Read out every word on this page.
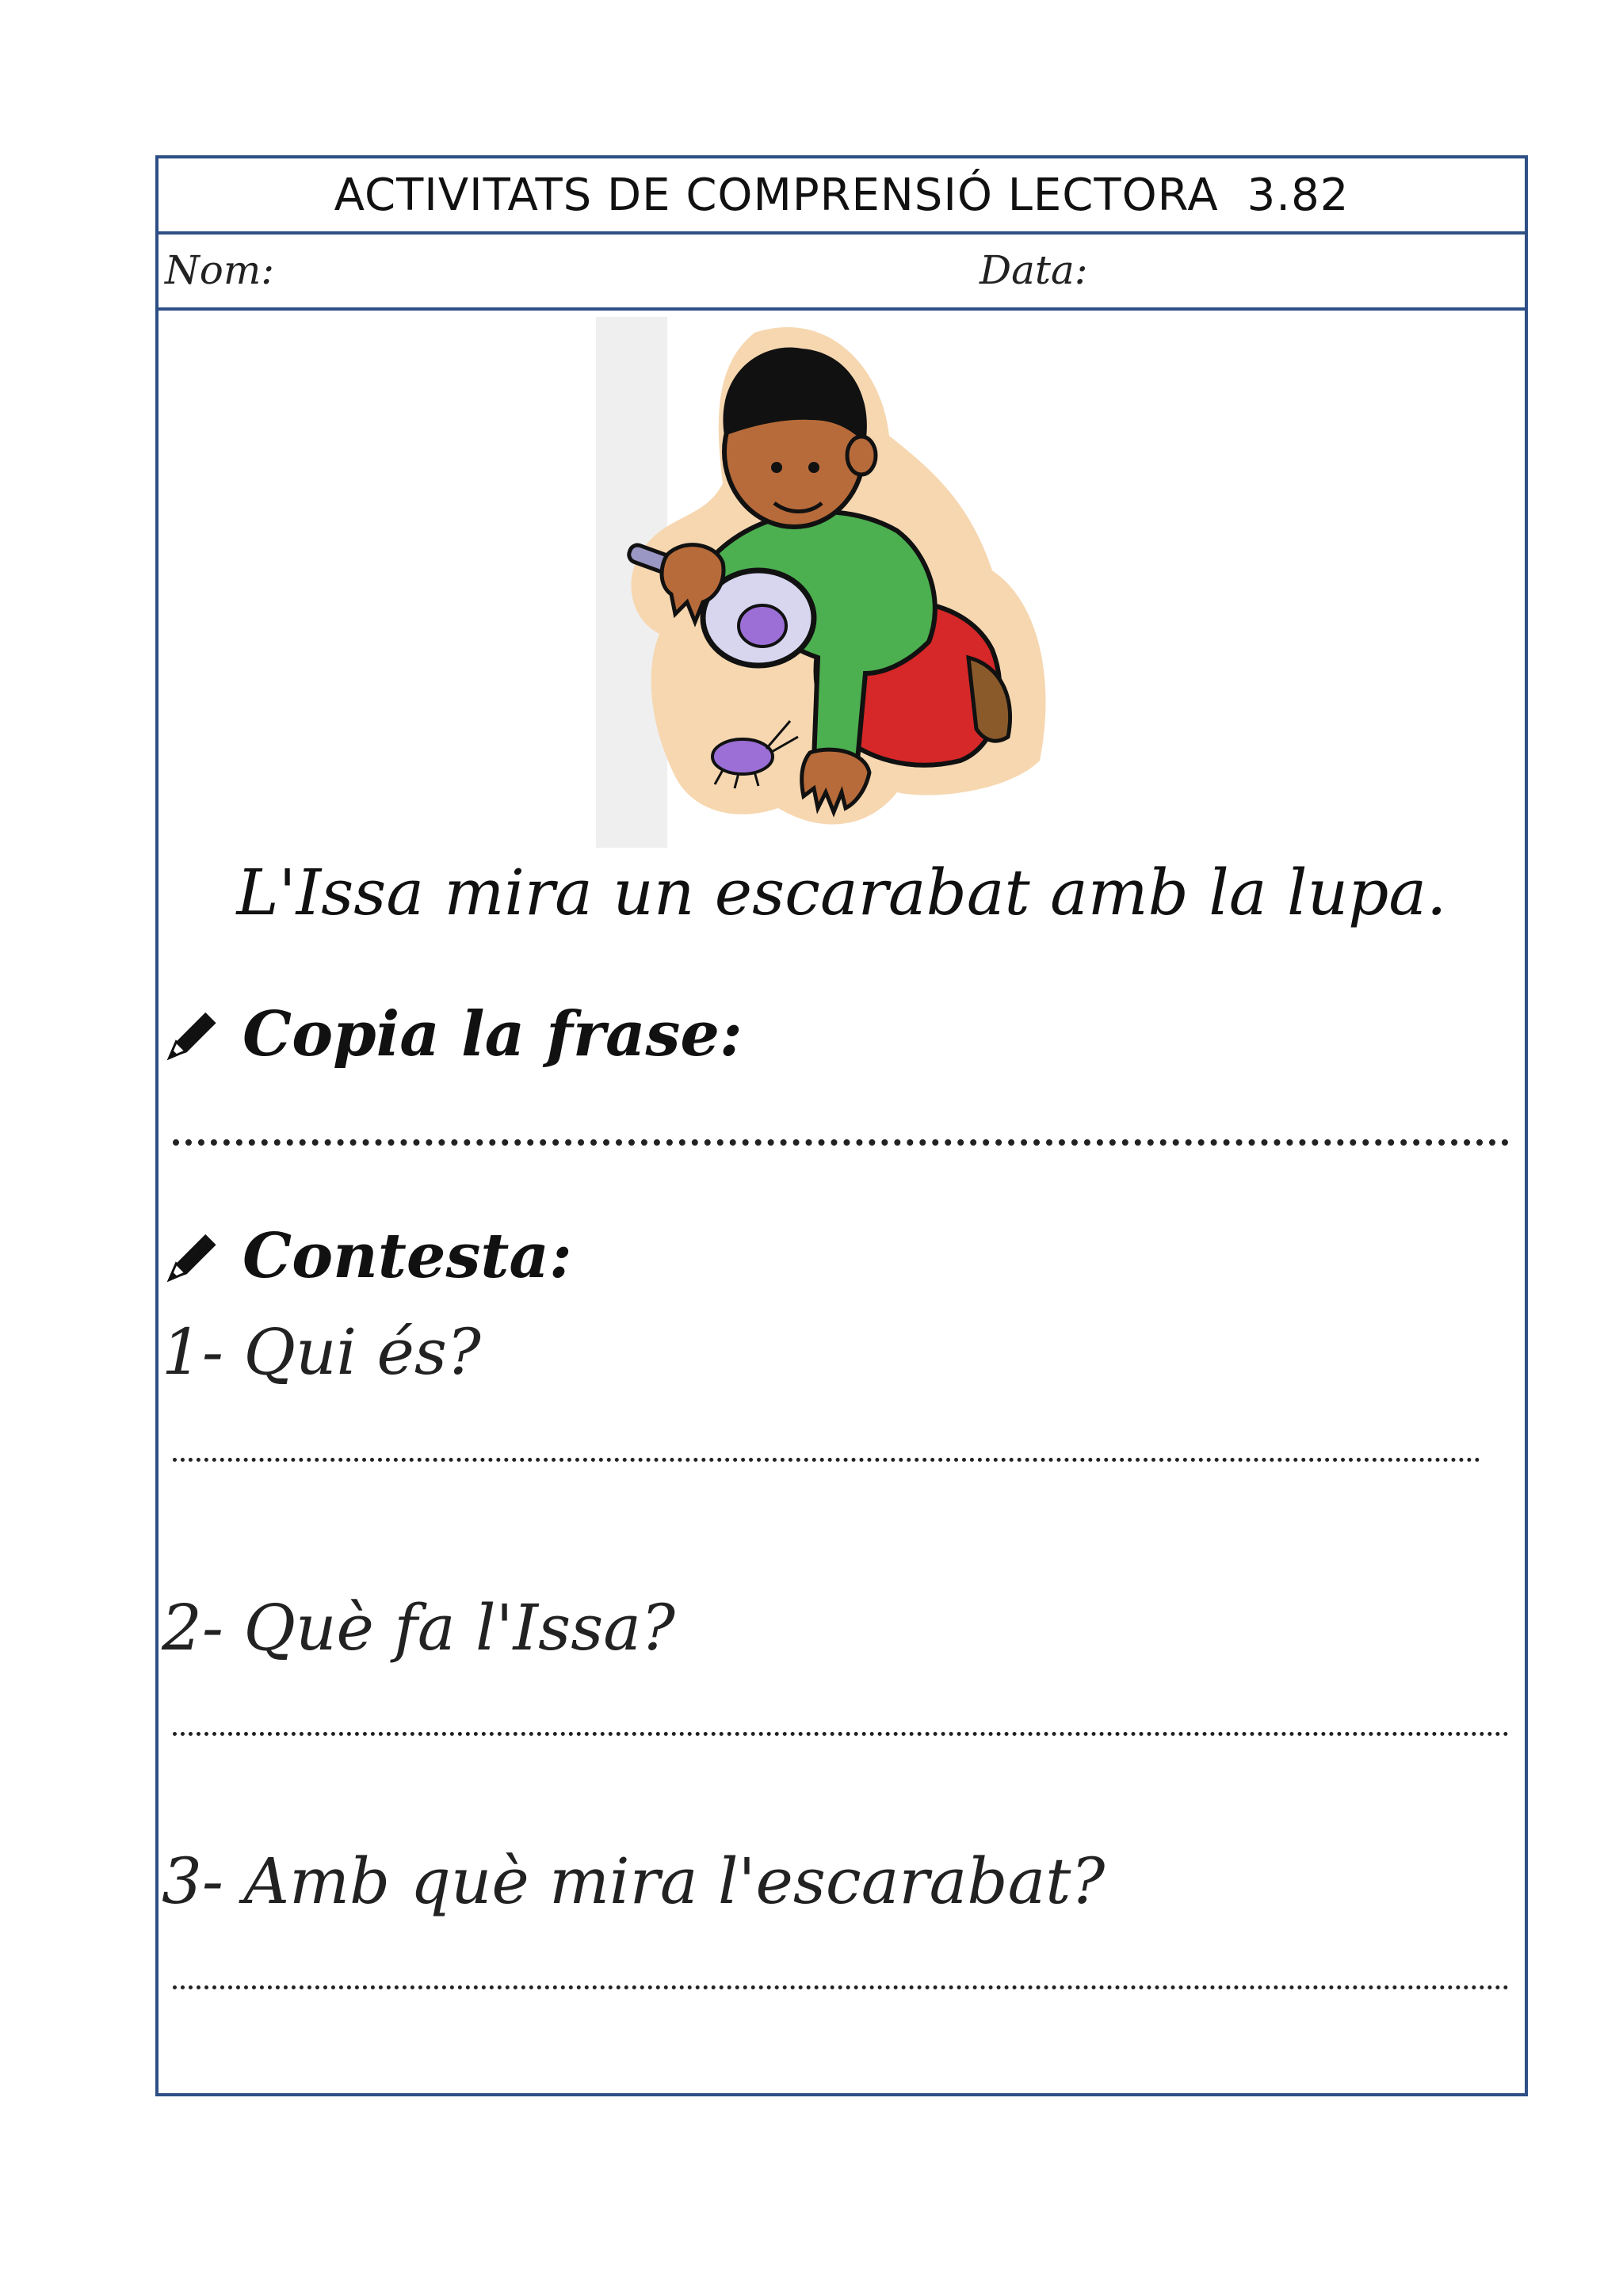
ACTIVITATS DE COMPRENSIÓ LECTORA 3.82
Nom:	Data:
L'Issa mira un escarabat amb la lupa.
Copia la frase:
Contesta:
1- Qui és?
2- Què fa l'Issa?
3- Amb què mira l'escarabat?
